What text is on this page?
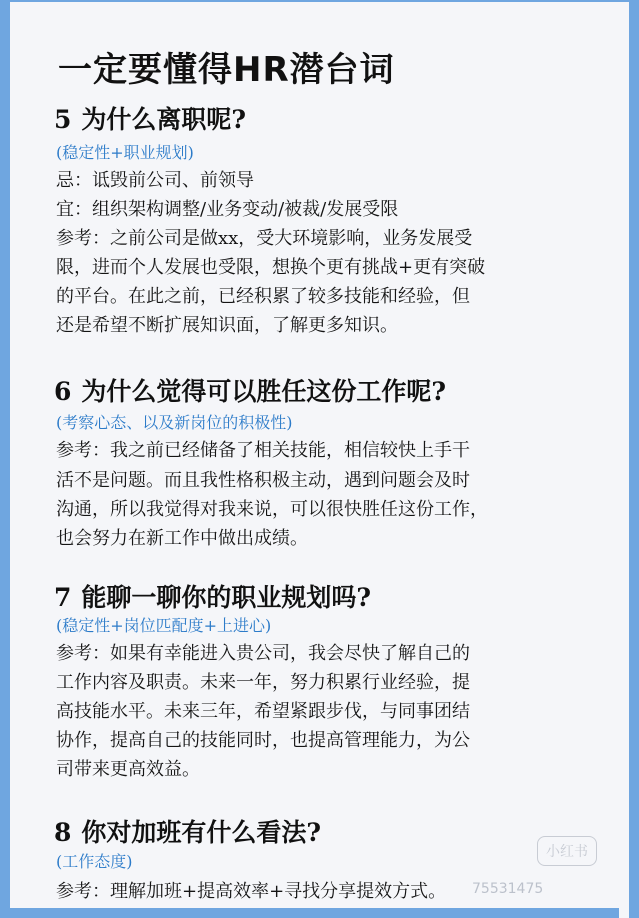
一定要懂得HR潜台词
5 为什么离职呢?
(稳定性+职业规划)
忌：诋毁前公司、前领导
宜：组织架构调整/业务变动/被裁/发展受限
参考：之前公司是做xx，受大环境影响，业务发展受
限，进而个人发展也受限，想换个更有挑战+更有突破
的平台。在此之前，已经积累了较多技能和经验，但
还是希望不断扩展知识面，了解更多知识。
6 为什么觉得可以胜任这份工作呢?
(考察心态、以及新岗位的积极性)
参考：我之前已经储备了相关技能，相信较快上手干
活不是问题。而且我性格积极主动，遇到问题会及时
沟通，所以我觉得对我来说，可以很快胜任这份工作，
也会努力在新工作中做出成绩。
7 能聊一聊你的职业规划吗?
(稳定性+岗位匹配度+上进心)
参考：如果有幸能进入贵公司，我会尽快了解自己的
工作内容及职责。未来一年，努力积累行业经验，提
高技能水平。未来三年，希望紧跟步伐，与同事团结
协作，提高自己的技能同时，也提高管理能力，为公
司带来更高效益。
8 你对加班有什么看法?
(工作态度)
参考：理解加班+提高效率+寻找分享提效方式。
小红书
75531475
